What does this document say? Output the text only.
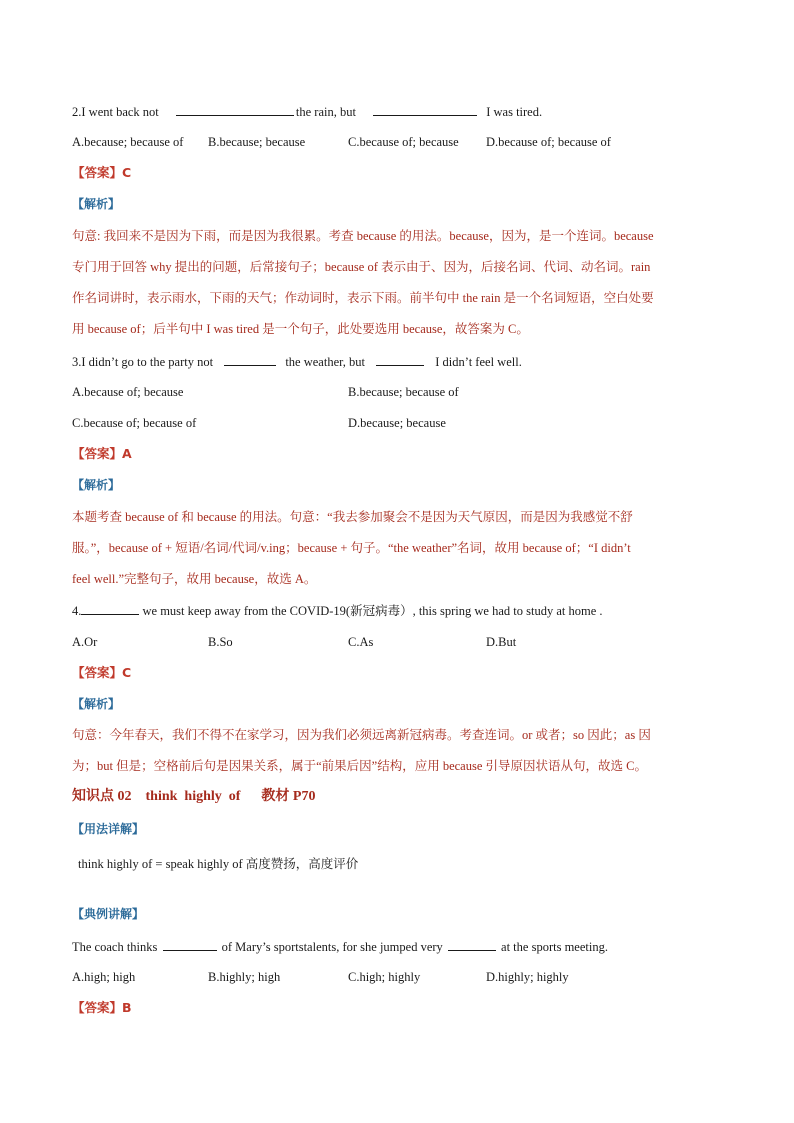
2.I went back not	the rain, but	I was tired.
A.because; because of B.because; because	C.because of; because D.because of; because of
【答案】C
【解析】
句意: 我回来不是因为下雨，而是因为我很累。考查 because 的用法。because，因为，是一个连词。because
专门用于回答 why 提出的问题，后常接句子；because of 表示由于、因为，后接名词、代词、动名词。rain
作名词讲时，表示雨水，下雨的天气；作动词时，表示下雨。前半句中 the rain 是一个名词短语，空白处要
用 because of；后半句中 I was tired 是一个句子，此处要选用 because，故答案为 C。
3.I didn’t go to the party not	the weather, but	I didn’t feel well.
A.because of; because	B.because; because of
C.because of; because of	D.because; because
【答案】A
【解析】
本题考查 because of 和 because 的用法。句意：“我去参加聚会不是因为天气原因，而是因为我感觉不舒
服。”，because of + 短语/名词/代词/v.ing；because + 句子。“the weather”名词，故用 because of；“I didn’t
feel well.”完整句子，故用 because，故选 A。
4.	we must keep away from the COVID-19(新冠病毒）, this spring we had to study at home .
A.Or	B.So	C.As	D.But
【答案】C
【解析】
句意：今年春天，我们不得不在家学习，因为我们必须远离新冠病毒。考查连词。or 或者；so 因此；as 因
为；but 但是；空格前后句是因果关系，属于“前果后因”结构，应用 because 引导原因状语从句，故选 C。
知识点 02    think  highly  of      教材 P70
【用法详解】
think highly of = speak highly of 高度赞扬，高度评价
【典例讲解】
The coach thinks	of Mary’s sportstalents, for she jumped very	at the sports meeting.
A.high; high	B.highly; high	C.high; highly	D.highly; highly
【答案】B
